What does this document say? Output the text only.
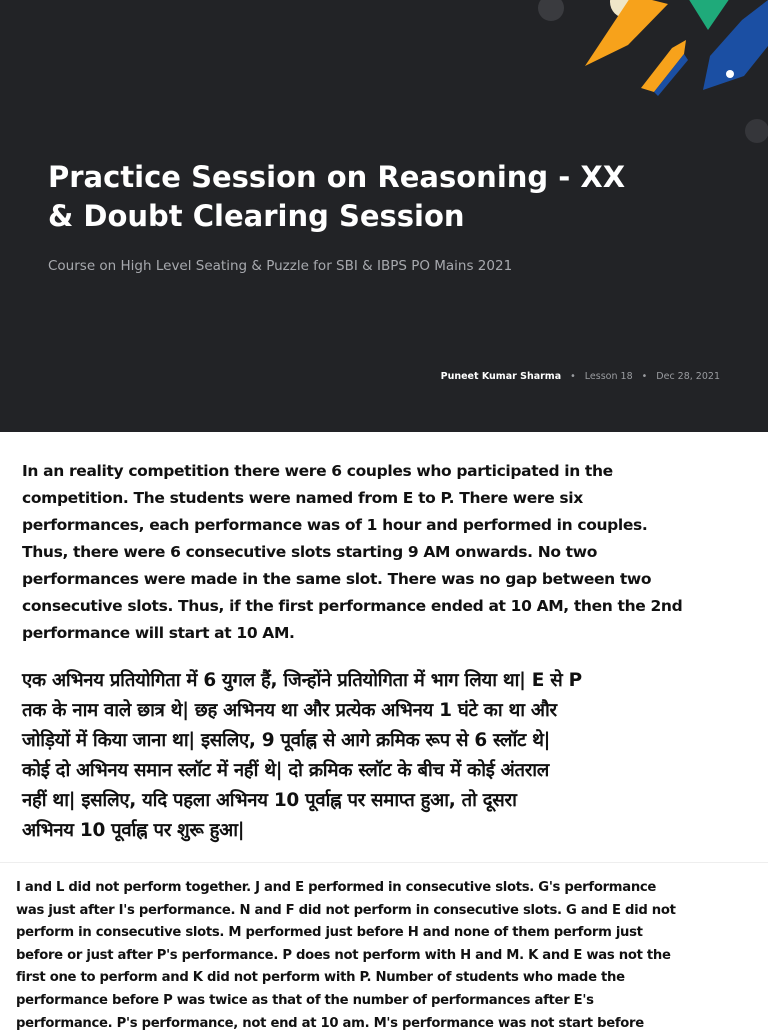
Practice Session on Reasoning - XX
& Doubt Clearing Session
Course on High Level Seating & Puzzle for SBI & IBPS PO Mains 2021
Puneet Kumar Sharma • Lesson 18 • Dec 28, 2021

In an reality competition there were 6 couples who participated in the
competition. The students were named from E to P. There were six
performances, each performance was of 1 hour and performed in couples.
Thus, there were 6 consecutive slots starting 9 AM onwards. No two
performances were made in the same slot. There was no gap between two
consecutive slots. Thus, if the first performance ended at 10 AM, then the 2nd
performance will start at 10 AM.

एक अभिनय प्रतियोगिता में 6 युगल हैं, जिन्होंने प्रतियोगिता में भाग लिया था| E से P
तक के नाम वाले छात्र थे| छह अभिनय था और प्रत्येक अभिनय 1 घंटे का था और
जोड़ियों में किया जाना था| इसलिए, 9 पूर्वाह्न से आगे क्रमिक रूप से 6 स्लॉट थे|
कोई दो अभिनय समान स्लॉट में नहीं थे| दो क्रमिक स्लॉट के बीच में कोई अंतराल
नहीं था| इसलिए, यदि पहला अभिनय 10 पूर्वाह्न पर समाप्त हुआ, तो दूसरा
अभिनय 10 पूर्वाह्न पर शुरू हुआ|

I and L did not perform together. J and E performed in consecutive slots. G's performance
was just after I's performance. N and F did not perform in consecutive slots. G and E did not
perform in consecutive slots. M performed just before H and none of them perform just
before or just after P's performance. P does not perform with H and M. K and E was not the
first one to perform and K did not perform with P. Number of students who made the
performance before P was twice as that of the number of performances after E's
performance. P's performance, not end at 10 am. M's performance was not start before
